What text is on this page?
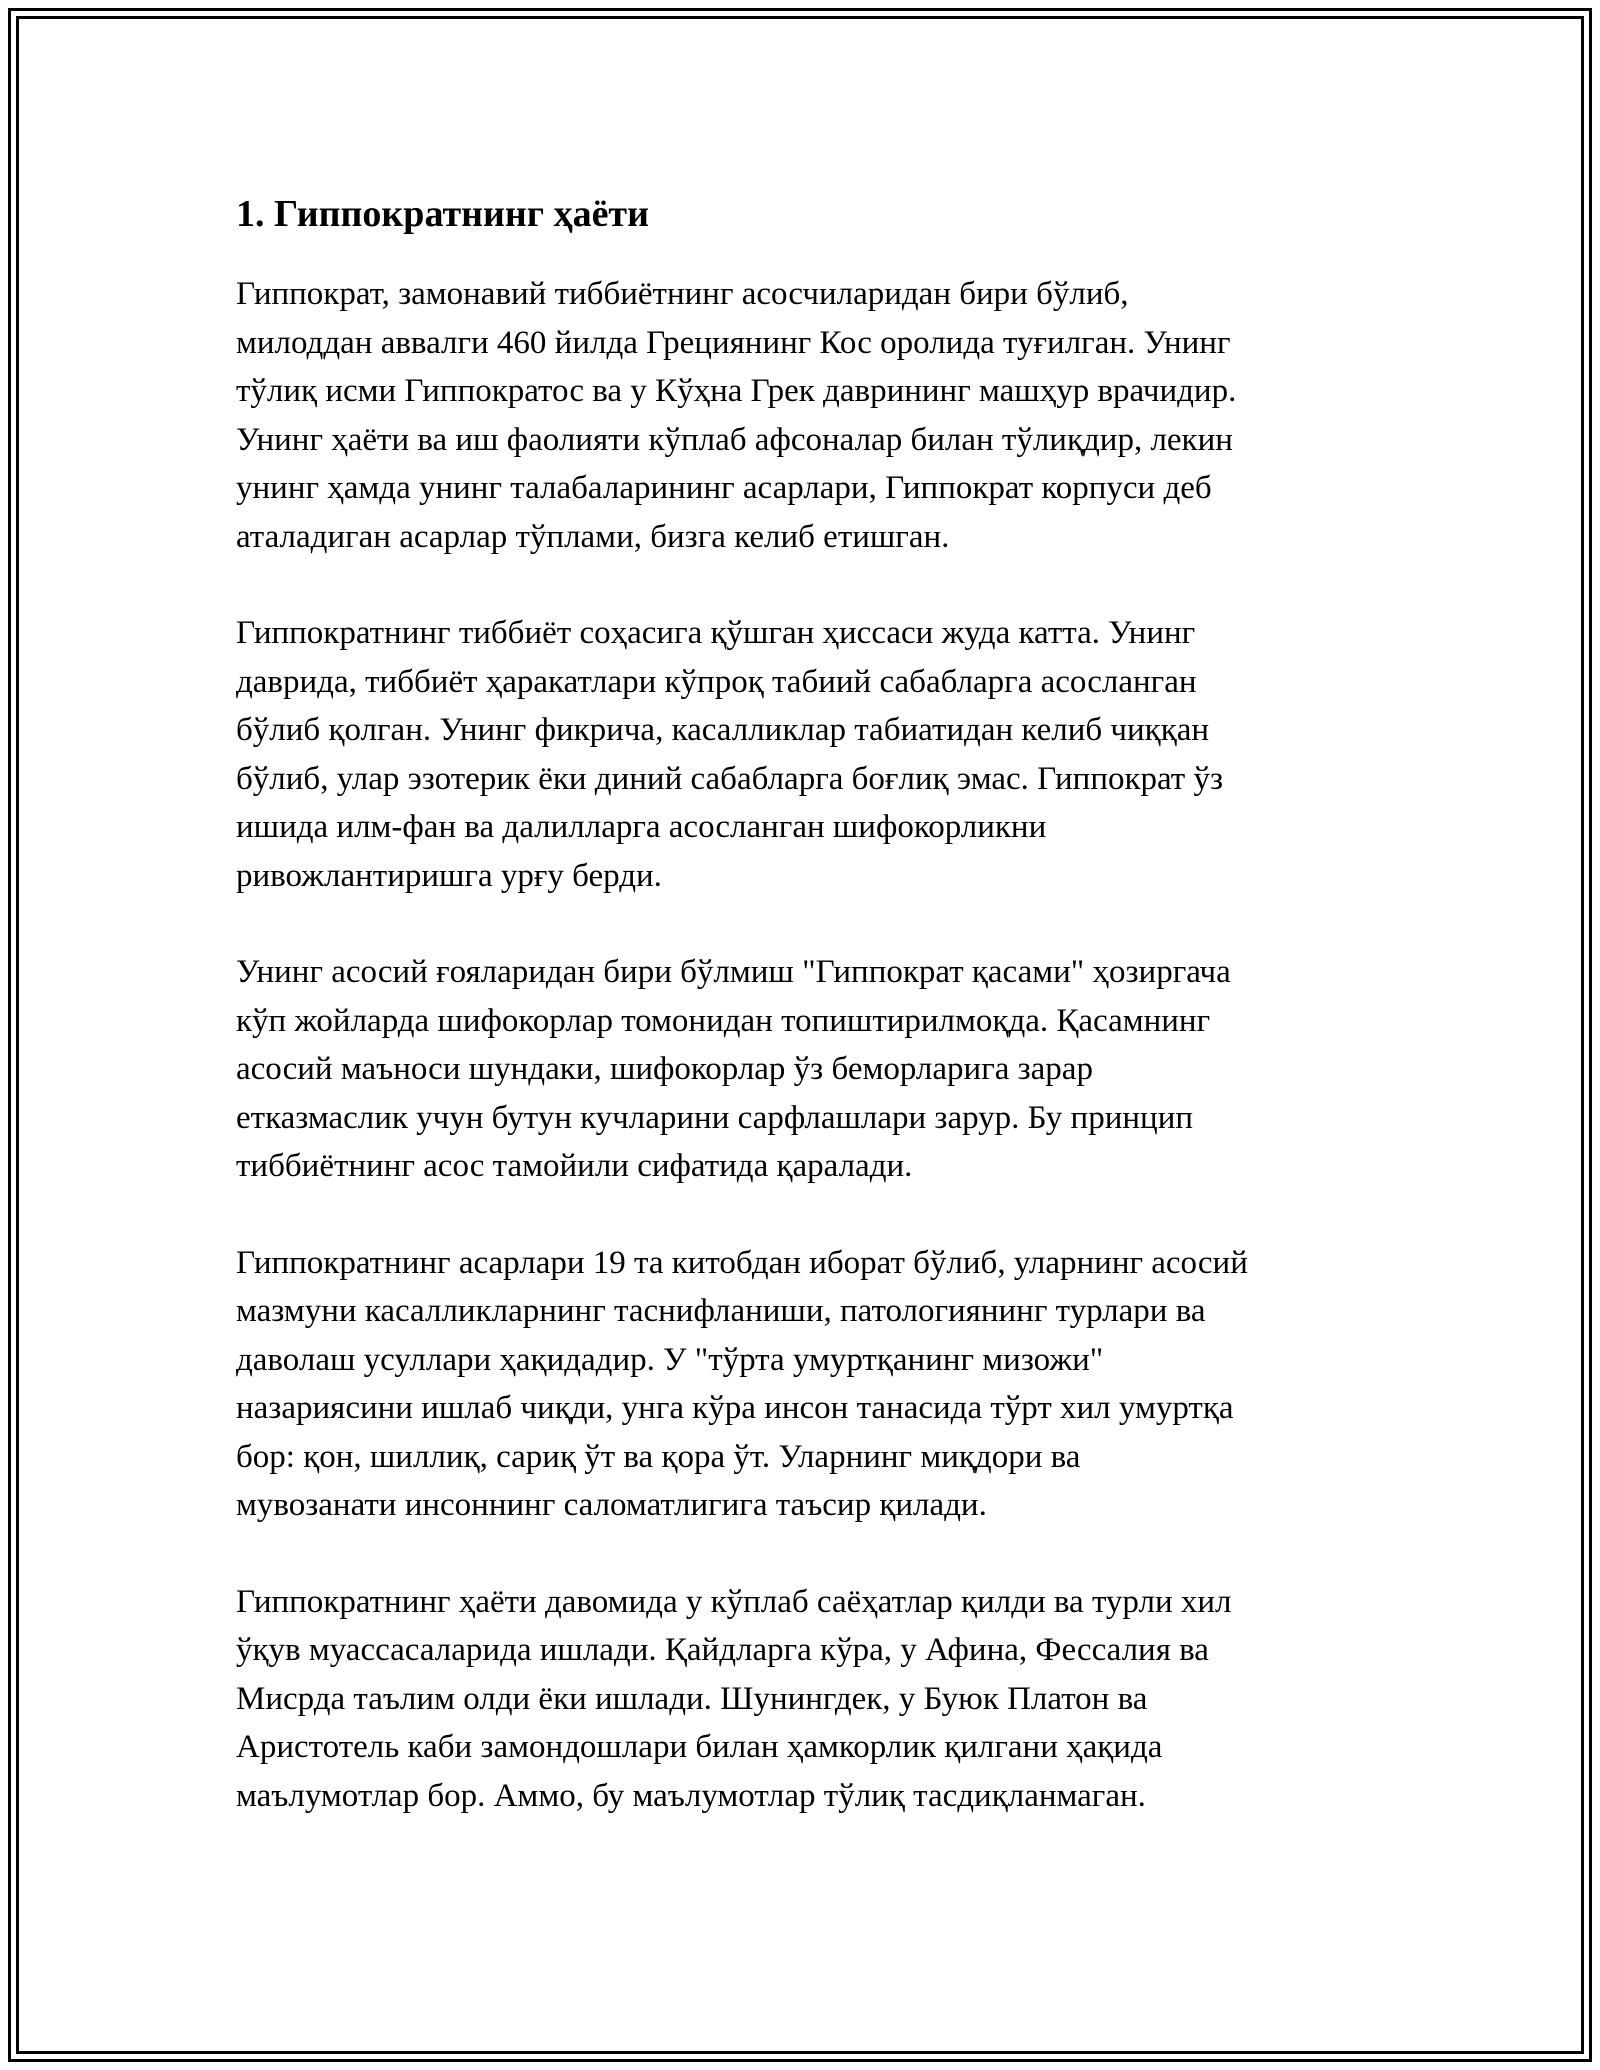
1. Гиппократнинг ҳаёти

Гиппократ, замонавий тиббиётнинг асосчиларидан бири бўлиб,
милоддан аввалги 460 йилда Грециянинг Кос оролида туғилган. Унинг
тўлиқ исми Гиппократос ва у Кўҳна Грек даврининг машҳур врачидир.
Унинг ҳаёти ва иш фаолияти кўплаб афсоналар билан тўлиқдир, лекин
унинг ҳамда унинг талабаларининг асарлари, Гиппократ корпуси деб
аталадиган асарлар тўплами, бизга келиб етишган.

Гиппократнинг тиббиёт соҳасига қўшган ҳиссаси жуда катта. Унинг
даврида, тиббиёт ҳаракатлари кўпроқ табиий сабабларга асосланган
бўлиб қолган. Унинг фикрича, касалликлар табиатидан келиб чиққан
бўлиб, улар эзотерик ёки диний сабабларга боғлиқ эмас. Гиппократ ўз
ишида илм-фан ва далилларга асосланган шифокорликни
ривожлантиришга урғу берди.

Унинг асосий ғояларидан бири бўлмиш "Гиппократ қасами" ҳозиргача
кўп жойларда шифокорлар томонидан топиштирилмоқда. Қасамнинг
асосий маъноси шундаки, шифокорлар ўз беморларига зарар
етказмаслик учун бутун кучларини сарфлашлари зарур. Бу принцип
тиббиётнинг асос тамойили сифатида қаралади.

Гиппократнинг асарлари 19 та китобдан иборат бўлиб, уларнинг асосий
мазмуни касалликларнинг таснифланиши, патологиянинг турлари ва
даволаш усуллари ҳақидадир. У "тўрта умуртқанинг мизожи"
назариясини ишлаб чиқди, унга кўра инсон танасида тўрт хил умуртқа
бор: қон, шиллиқ, сариқ ўт ва қора ўт. Уларнинг миқдори ва
мувозанати инсоннинг саломатлигига таъсир қилади.

Гиппократнинг ҳаёти давомида у кўплаб саёҳатлар қилди ва турли хил
ўқув муассасаларида ишлади. Қайдларга кўра, у Афина, Фессалия ва
Мисрда таълим олди ёки ишлади. Шунингдек, у Буюк Платон ва
Аристотель каби замондошлари билан ҳамкорлик қилгани ҳақида
маълумотлар бор. Аммо, бу маълумотлар тўлиқ тасдиқланмаган.
